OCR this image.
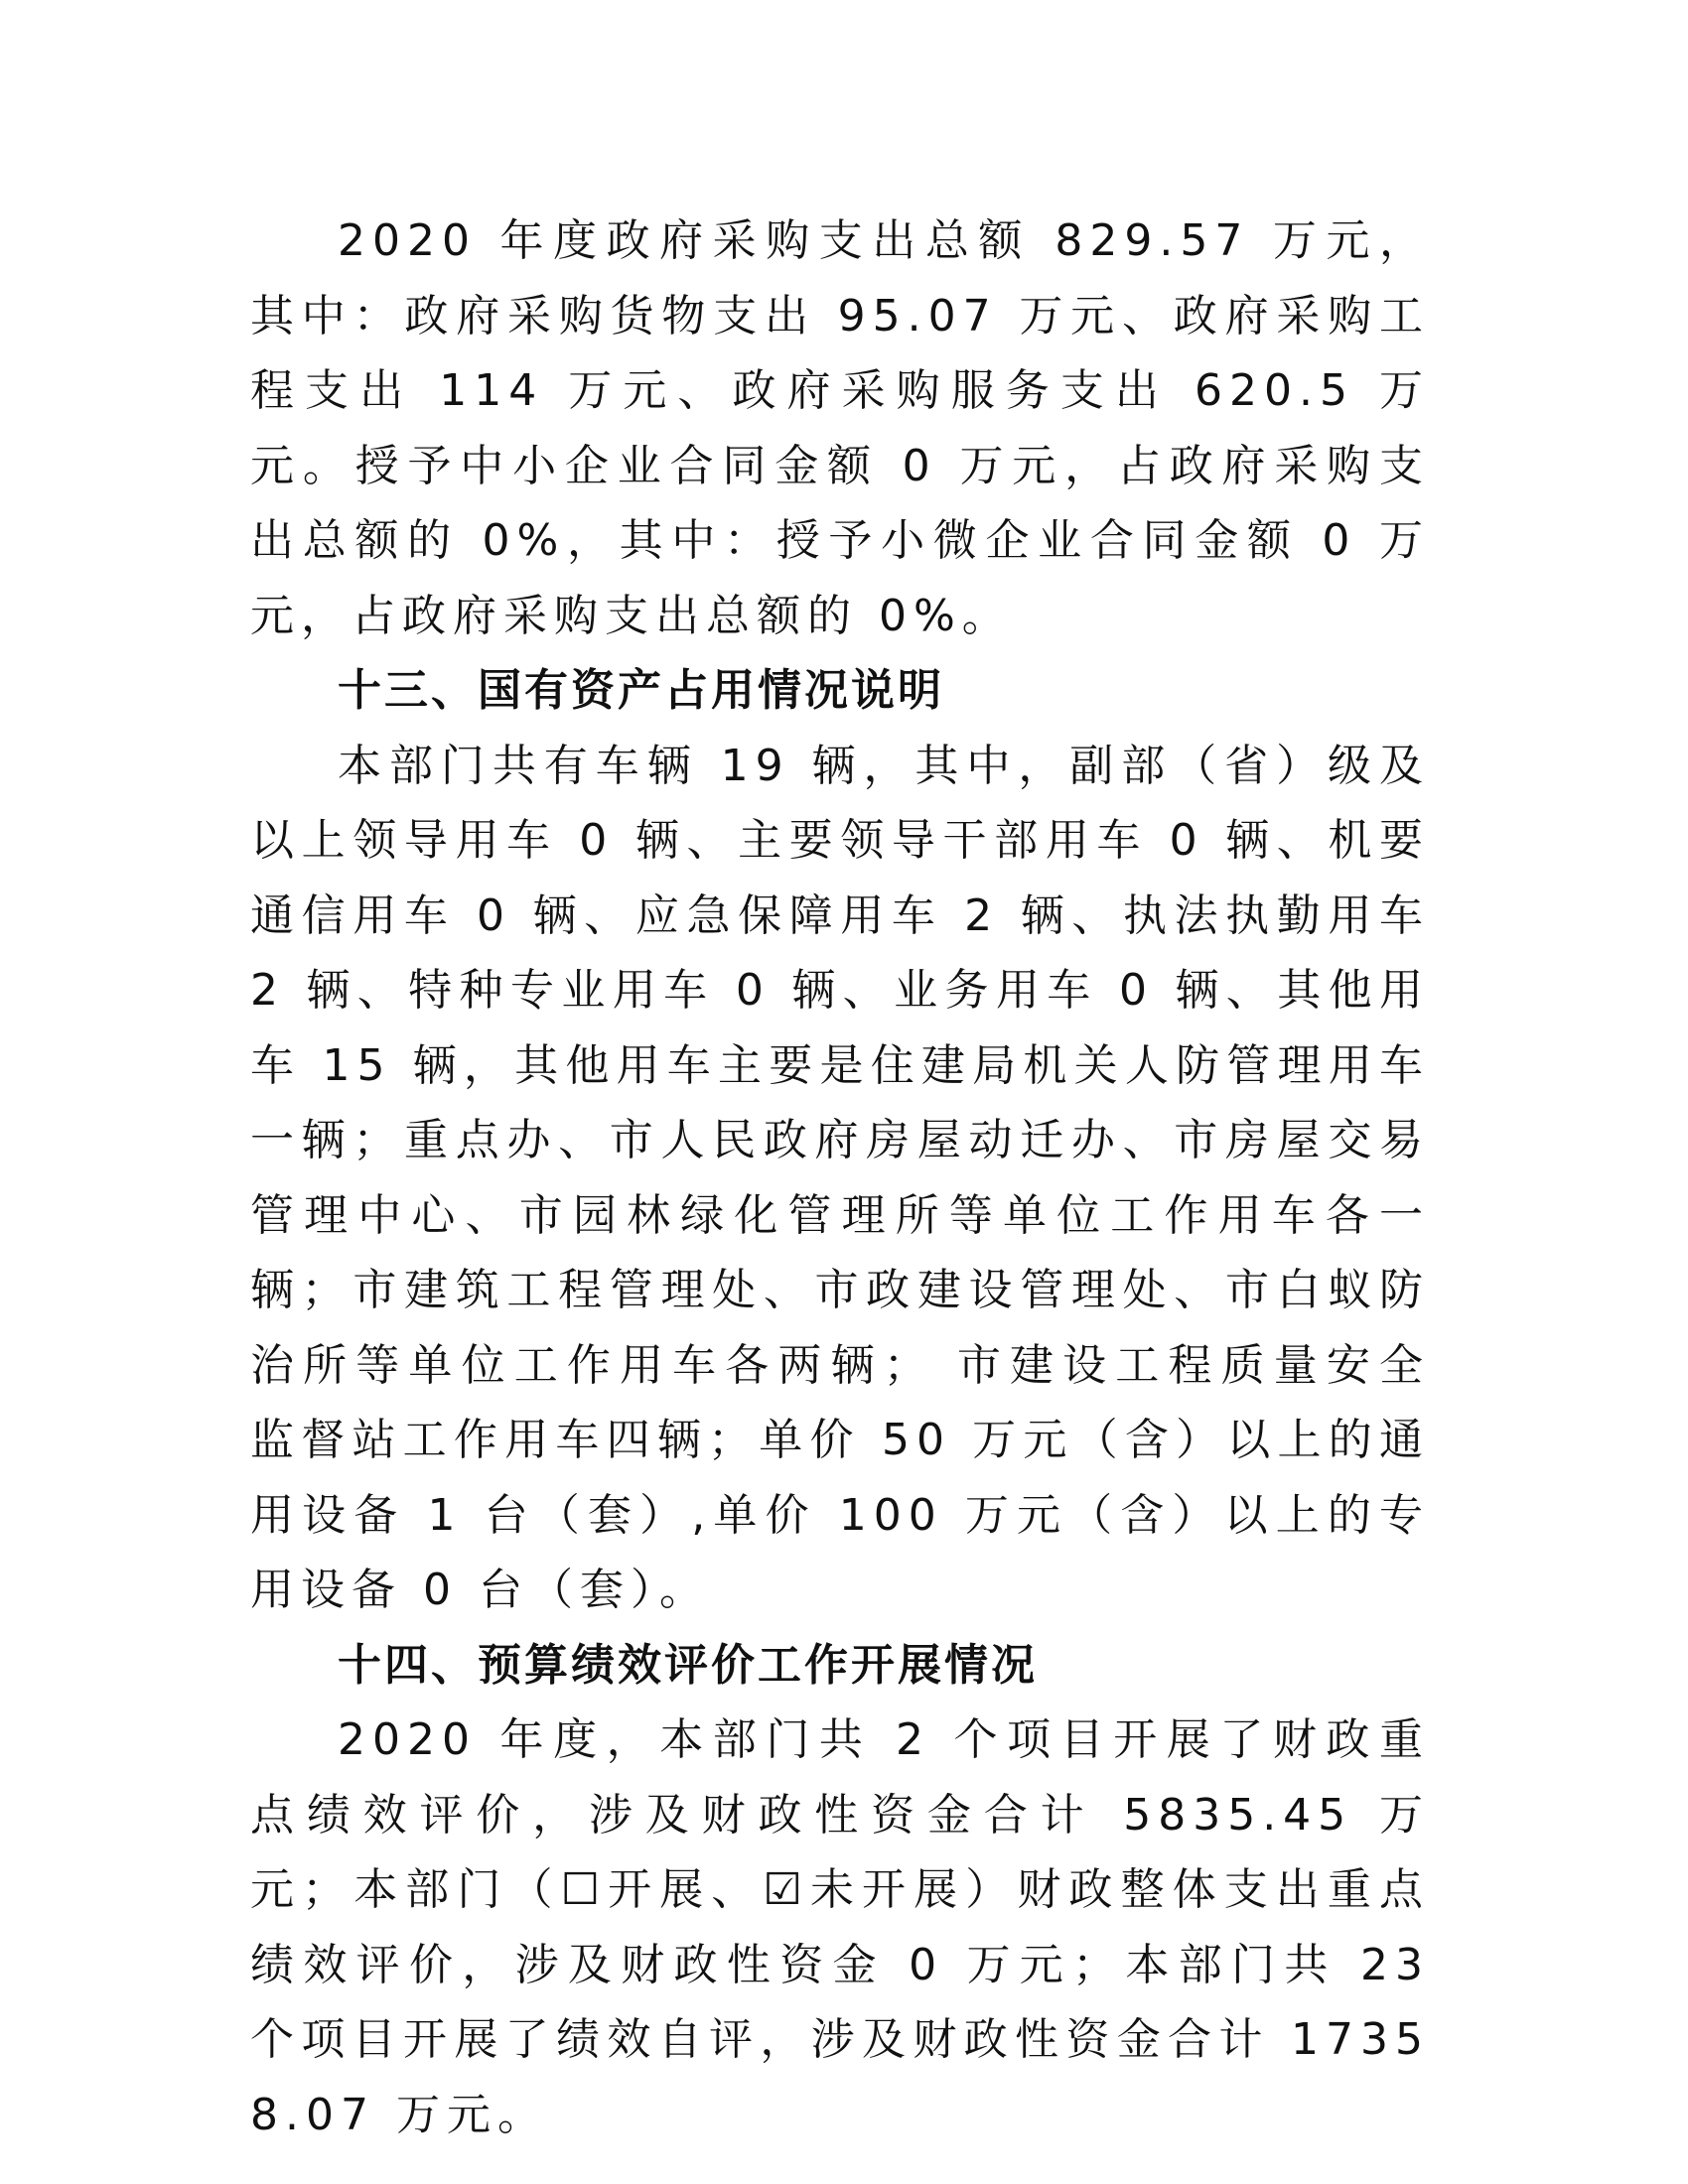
2020 年度政府采购支出总额 829.57 万元，其中：政府采购货物支出 95.07 万元、政府采购工程支出 114 万元、政府采购服务支出 620.5 万元。授予中小企业合同金额 0 万元，占政府采购支出总额的 0%，其中：授予小微企业合同金额 0 万元，占政府采购支出总额的 0%。

十三、国有资产占用情况说明

本部门共有车辆 19 辆，其中，副部（省）级及以上领导用车 0 辆、主要领导干部用车 0 辆、机要通信用车 0 辆、应急保障用车 2 辆、执法执勤用车 2 辆、特种专业用车 0 辆、业务用车 0 辆、其他用车 15 辆，其他用车主要是住建局机关人防管理用车一辆；重点办、市人民政府房屋动迁办、市房屋交易管理中心、市园林绿化管理所等单位工作用车各一辆；市建筑工程管理处、市政建设管理处、市白蚁防治所等单位工作用车各两辆； 市建设工程质量安全监督站工作用车四辆；单价 50 万元（含）以上的通用设备 1 台（套）,单价 100 万元（含）以上的专用设备 0 台（套）。

十四、预算绩效评价工作开展情况

2020 年度，本部门共 2 个项目开展了财政重点绩效评价，涉及财政性资金合计 5835.45 万元；本部门（☐开展、☑未开展）财政整体支出重点绩效评价，涉及财政性资金 0 万元；本部门共 23 个项目开展了绩效自评，涉及财政性资金合计 17358.07 万元。
